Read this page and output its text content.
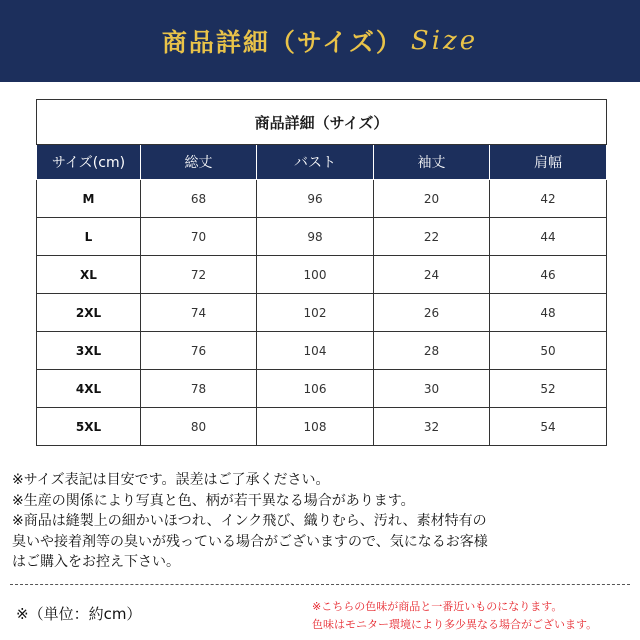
商品詳細（サイズ） Size
商品詳細（サイズ）				
サイズ(cm)	総丈	バスト	袖丈	肩幅
M	68	96	20	42
L	70	98	22	44
XL	72	100	24	46
2XL	74	102	26	48
3XL	76	104	28	50
4XL	78	106	30	52
5XL	80	108	32	54

※サイズ表記は目安です。誤差はご了承ください。

※生産の関係により写真と色、柄が若干異なる場合があります。

※商品は縫製上の細かいほつれ、インク飛び、織りむら、汚れ、素材特有の

臭いや接着剤等の臭いが残っている場合がございますので、気になるお客様

はご購入をお控え下さい。

※（単位：約cm）	※こちらの色味が商品と一番近いものになります。

色味はモニター環境により多少異なる場合がございます。
